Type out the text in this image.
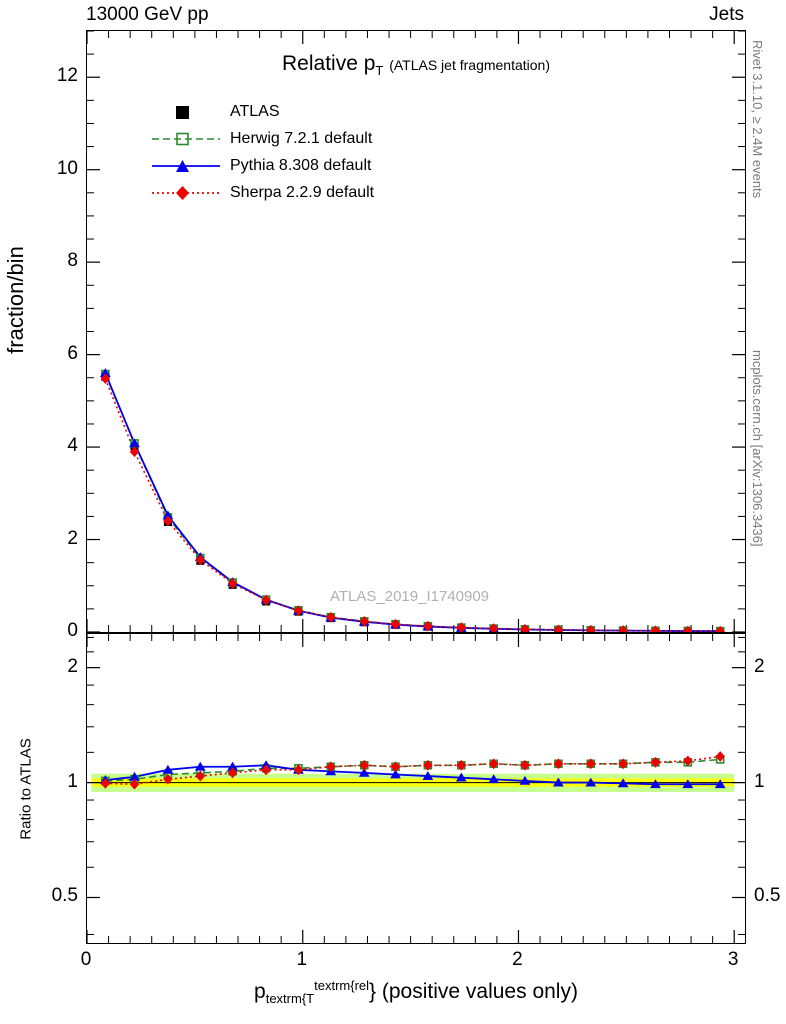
13000 GeV pp	Jets
Rivet 3.1.10, ≥ 2.4M events
mcplots.cern.ch [arXiv:1306.3436]
fraction/bin
Ratio to ATLAS
Relative $p_T$ (ATLAS jet fragmentation)
ATLAS
Herwig 7.2.1 default
Pythia 8.308 default
Sherpa 2.2.9 default
ATLAS_2019_I1740909
$p_{textrm\{T}^{textrm\{rel}$} (positive values only)
0
2
4
6
8
10
12
0.5	0.5
1	1
2	2
0	1	2	3
